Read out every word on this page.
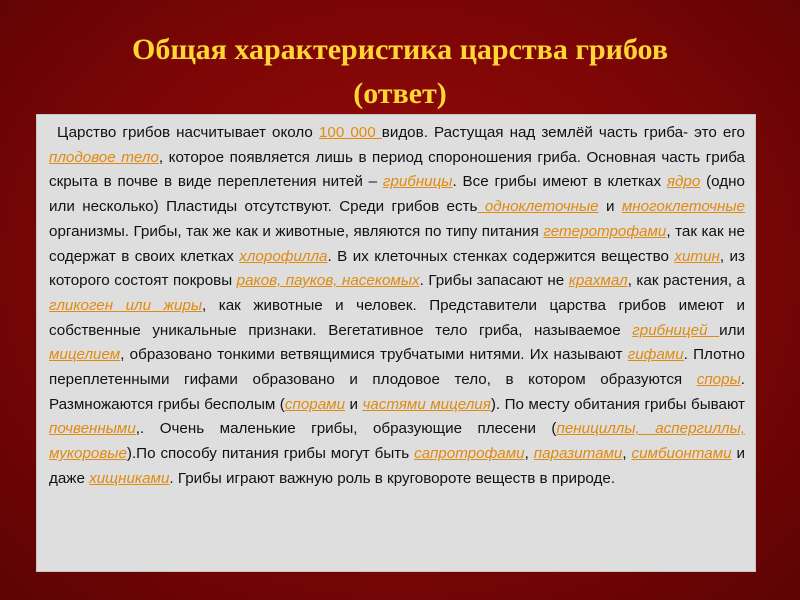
Общая характеристика царства грибов
(ответ)

Царство грибов насчитывает около 100 000 видов. Растущая над землёй часть гриба- это его плодовое тело, которое появляется лишь в период спороношения гриба. Основная часть гриба скрыта в почве в виде переплетения нитей – грибницы. Все грибы имеют в клетках ядро (одно или несколько) Пластиды отсутствуют. Среди грибов есть одноклеточные и многоклеточные организмы. Грибы, так же как и животные, являются по типу питания гетеротрофами, так как не содержат в своих клетках хлорофилла. В их клеточных стенках содержится вещество хитин, из которого состоят покровы раков, пауков, насекомых. Грибы запасают не крахмал, как растения, а гликоген или жиры, как животные и человек. Представители царства грибов имеют и собственные уникальные признаки. Вегетативное тело гриба, называемое грибницей или мицелием, образовано тонкими ветвящимися трубчатыми нитями. Их называют гифами. Плотно переплетенными гифами образовано и плодовое тело, в котором образуются споры. Размножаются грибы бесполым (спорами и частями мицелия). По месту обитания грибы бывают почвенными,. Очень маленькие грибы, образующие плесени (пенициллы, аспергиллы, мукоровые).По способу питания грибы могут быть сапротрофами, паразитами, симбионтами и даже хищниками. Грибы играют важную роль в круговороте веществ в природе.
